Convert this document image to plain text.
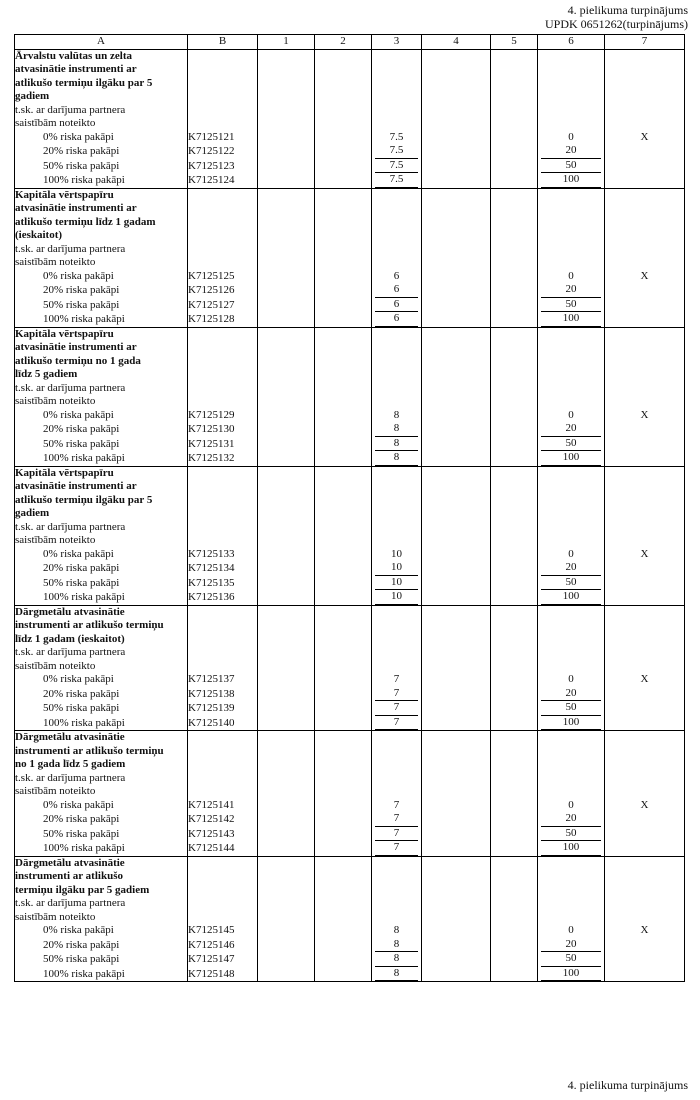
4. pielikuma turpinājums
UPDK 0651262(turpinājums)
A	B	1	2	3	4	5	6	7
Ārvalstu valūtas un zelta								
atvasinātie instrumenti ar								
atlikušo termiņu ilgāku par 5								
gadiem								
t.sk. ar darījuma partnera								
saistībām noteikto								
0% riska pakāpi	K7125121			7.5			0	X
20% riska pakāpi	K7125122			7.5			20	

50% riska pakāpi	K7125123			7.5			50	

100% riska pakāpi	K7125124			7.5			100	

Kapitāla vērtspapīru								
atvasinātie instrumenti ar								
atlikušo termiņu līdz 1 gadam								
(ieskaitot)								
t.sk. ar darījuma partnera								
saistībām noteikto								
0% riska pakāpi	K7125125			6			0	X
20% riska pakāpi	K7125126			6			20	

50% riska pakāpi	K7125127			6			50	

100% riska pakāpi	K7125128			6			100	

Kapitāla vērtspapīru								
atvasinātie instrumenti ar								
atlikušo termiņu no 1 gada								
līdz 5 gadiem								
t.sk. ar darījuma partnera								
saistībām noteikto								
0% riska pakāpi	K7125129			8			0	X
20% riska pakāpi	K7125130			8			20	

50% riska pakāpi	K7125131			8			50	

100% riska pakāpi	K7125132			8			100	

Kapitāla vērtspapīru								
atvasinātie instrumenti ar								
atlikušo termiņu ilgāku par 5								
gadiem								
t.sk. ar darījuma partnera								
saistībām noteikto								
0% riska pakāpi	K7125133			10			0	X
20% riska pakāpi	K7125134			10			20	

50% riska pakāpi	K7125135			10			50	

100% riska pakāpi	K7125136			10			100	

Dārgmetālu atvasinātie								
instrumenti ar atlikušo termiņu								
līdz 1 gadam (ieskaitot)								
t.sk. ar darījuma partnera								
saistībām noteikto								
0% riska pakāpi	K7125137			7			0	X
20% riska pakāpi	K7125138			7			20	

50% riska pakāpi	K7125139			7			50	

100% riska pakāpi	K7125140			7			100	

Dārgmetālu atvasinātie								
instrumenti ar atlikušo termiņu								
no 1 gada līdz 5 gadiem								
t.sk. ar darījuma partnera								
saistībām noteikto								
0% riska pakāpi	K7125141			7			0	X
20% riska pakāpi	K7125142			7			20	

50% riska pakāpi	K7125143			7			50	

100% riska pakāpi	K7125144			7			100	

Dārgmetālu atvasinātie								
instrumenti ar atlikušo								
termiņu ilgāku par 5 gadiem								
t.sk. ar darījuma partnera								
saistībām noteikto								
0% riska pakāpi	K7125145			8			0	X
20% riska pakāpi	K7125146			8			20	

50% riska pakāpi	K7125147			8			50	

100% riska pakāpi	K7125148			8			100	

4. pielikuma turpinājums
